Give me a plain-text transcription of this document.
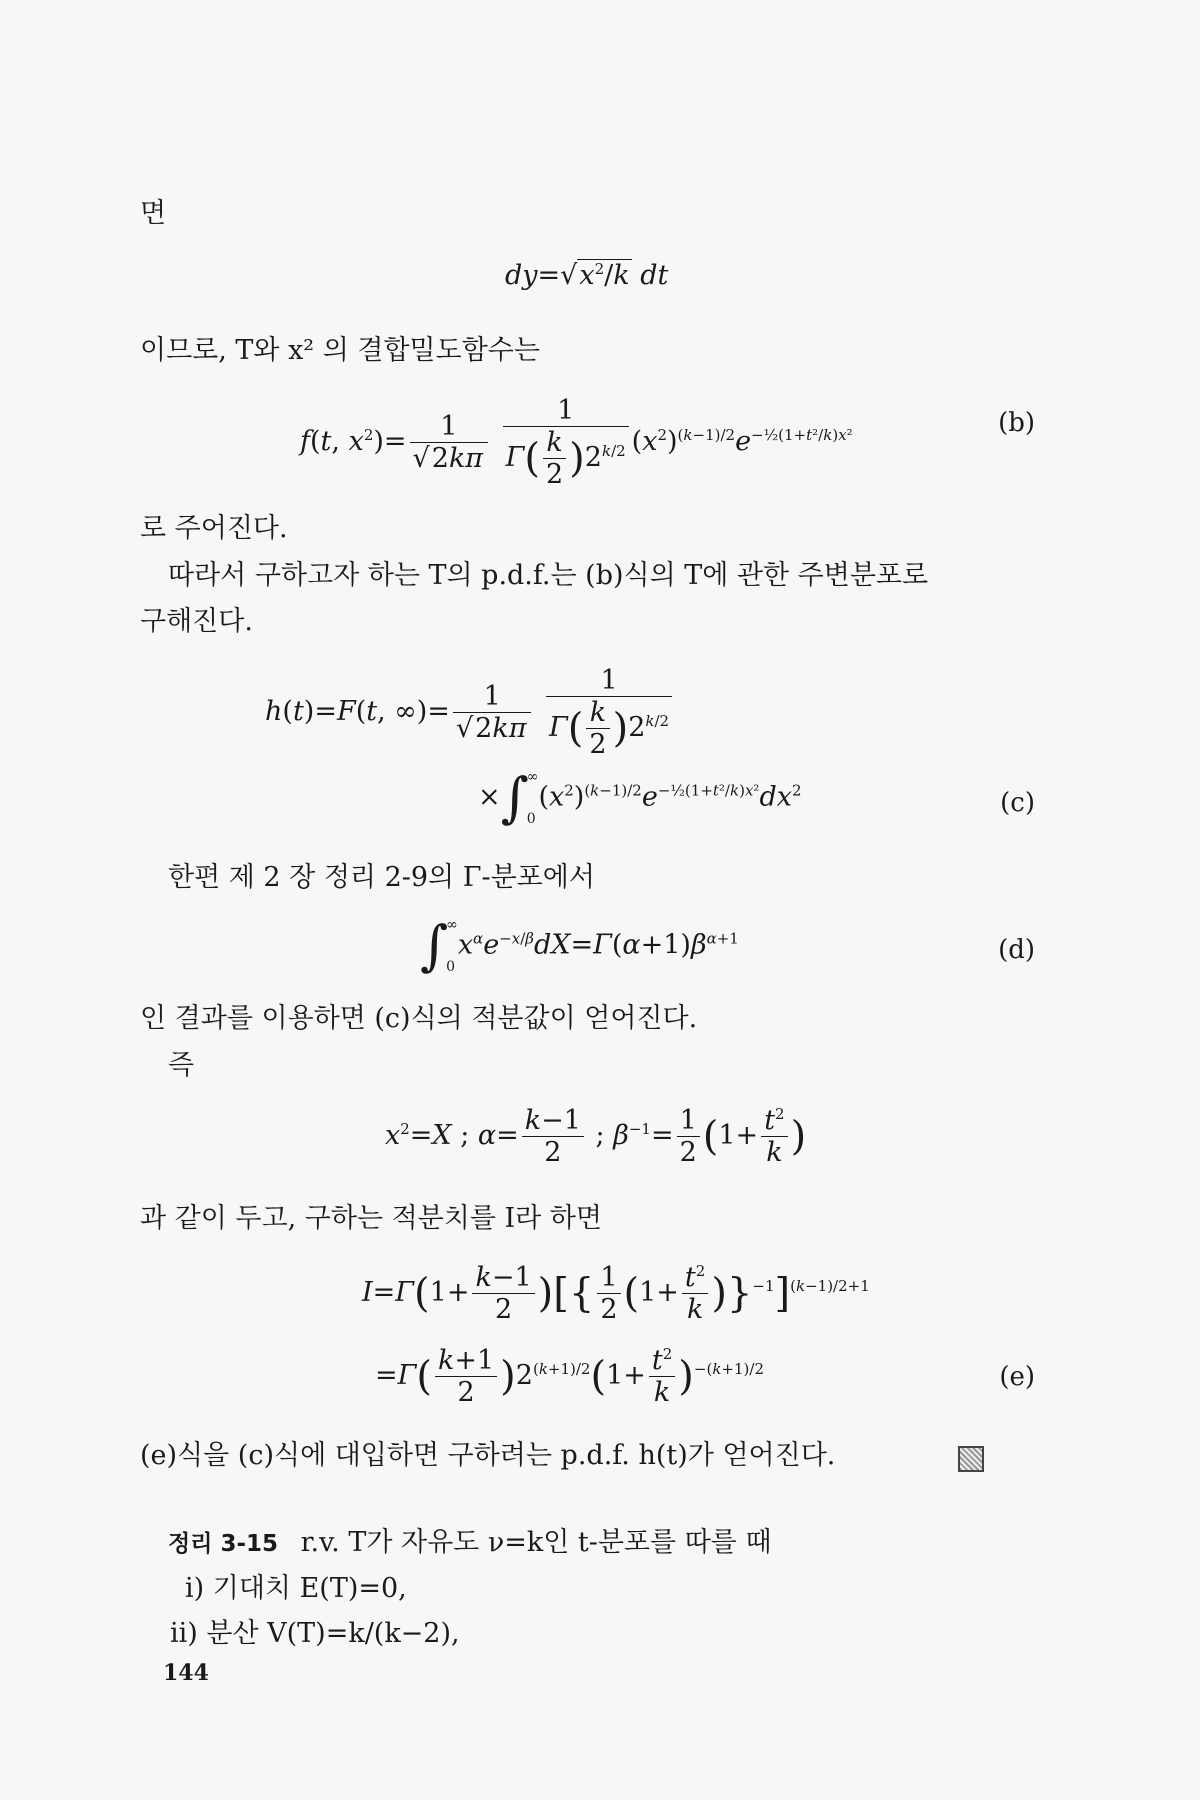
면
$dy=√x^2/k$ dt
이므로, T와 x² 의 결합밀도함수는
f(t, $x^2)= \frac{1}{√2k\pi}$
$\frac{1}{\Gamma( \frac{k}{2} )2^{k/2}} (x^2)^{(k-1)/2}e^{-\frac{1}{2}(1+t^2/k)x^2}$	(b)
로 주어진다.
따라서 구하고자 하는 T의 p.d.f.는 (b)식의 T에 관한 주변분포로
구해진다.
h(t)=F(t, ∞)= $\frac{1}{√2k\pi}$
$\frac{1}{\Gamma( \frac{k}{2} )2^{k/2}}$
×∫
∞

0
$(x^2)^{(k-1)/2}e^{-\frac{1}{2}(1+t^2/k)x^2}dx^2$	(c)
한편 제 2 장 정리 2-9의 Γ-분포에서
∫
∞

0
$x^\alpha e^{-x/\beta}dX=\Gamma(\alpha+1)\beta^{\alpha+1}$	(d)
인 결과를 이용하면 (c)식의 적분값이 얻어진다.
즉
$x^2=X$ ; $\alpha= \frac{k-1}{2}$ ; $\beta^{-1}= \frac{1}{2} (1+ \frac{t^2}{k}$ )
과 같이 두고, 구하는 적분치를 I라 하면
$I=\Gamma(1+ \frac{k-1}{2}$ )[{ $\frac{1}{2} (1+ \frac{t^2}{k} )\}^{-1}]^{(k-1)/2+1}$
$=\Gamma( \frac{k+1}{2} )2^{(k+1)/2}(1+ \frac{t^2}{k} )^{-(k+1)/2}$	(e)
(e)식을 (c)식에 대입하면 구하려는 p.d.f. h(t)가 얻어진다.
정리 3-15 r.v. T가 자유도 ν=k인 t-분포를 따를 때
i) 기대치 E(T)=0,
ii) 분산 V(T)=k/(k−2),
144
